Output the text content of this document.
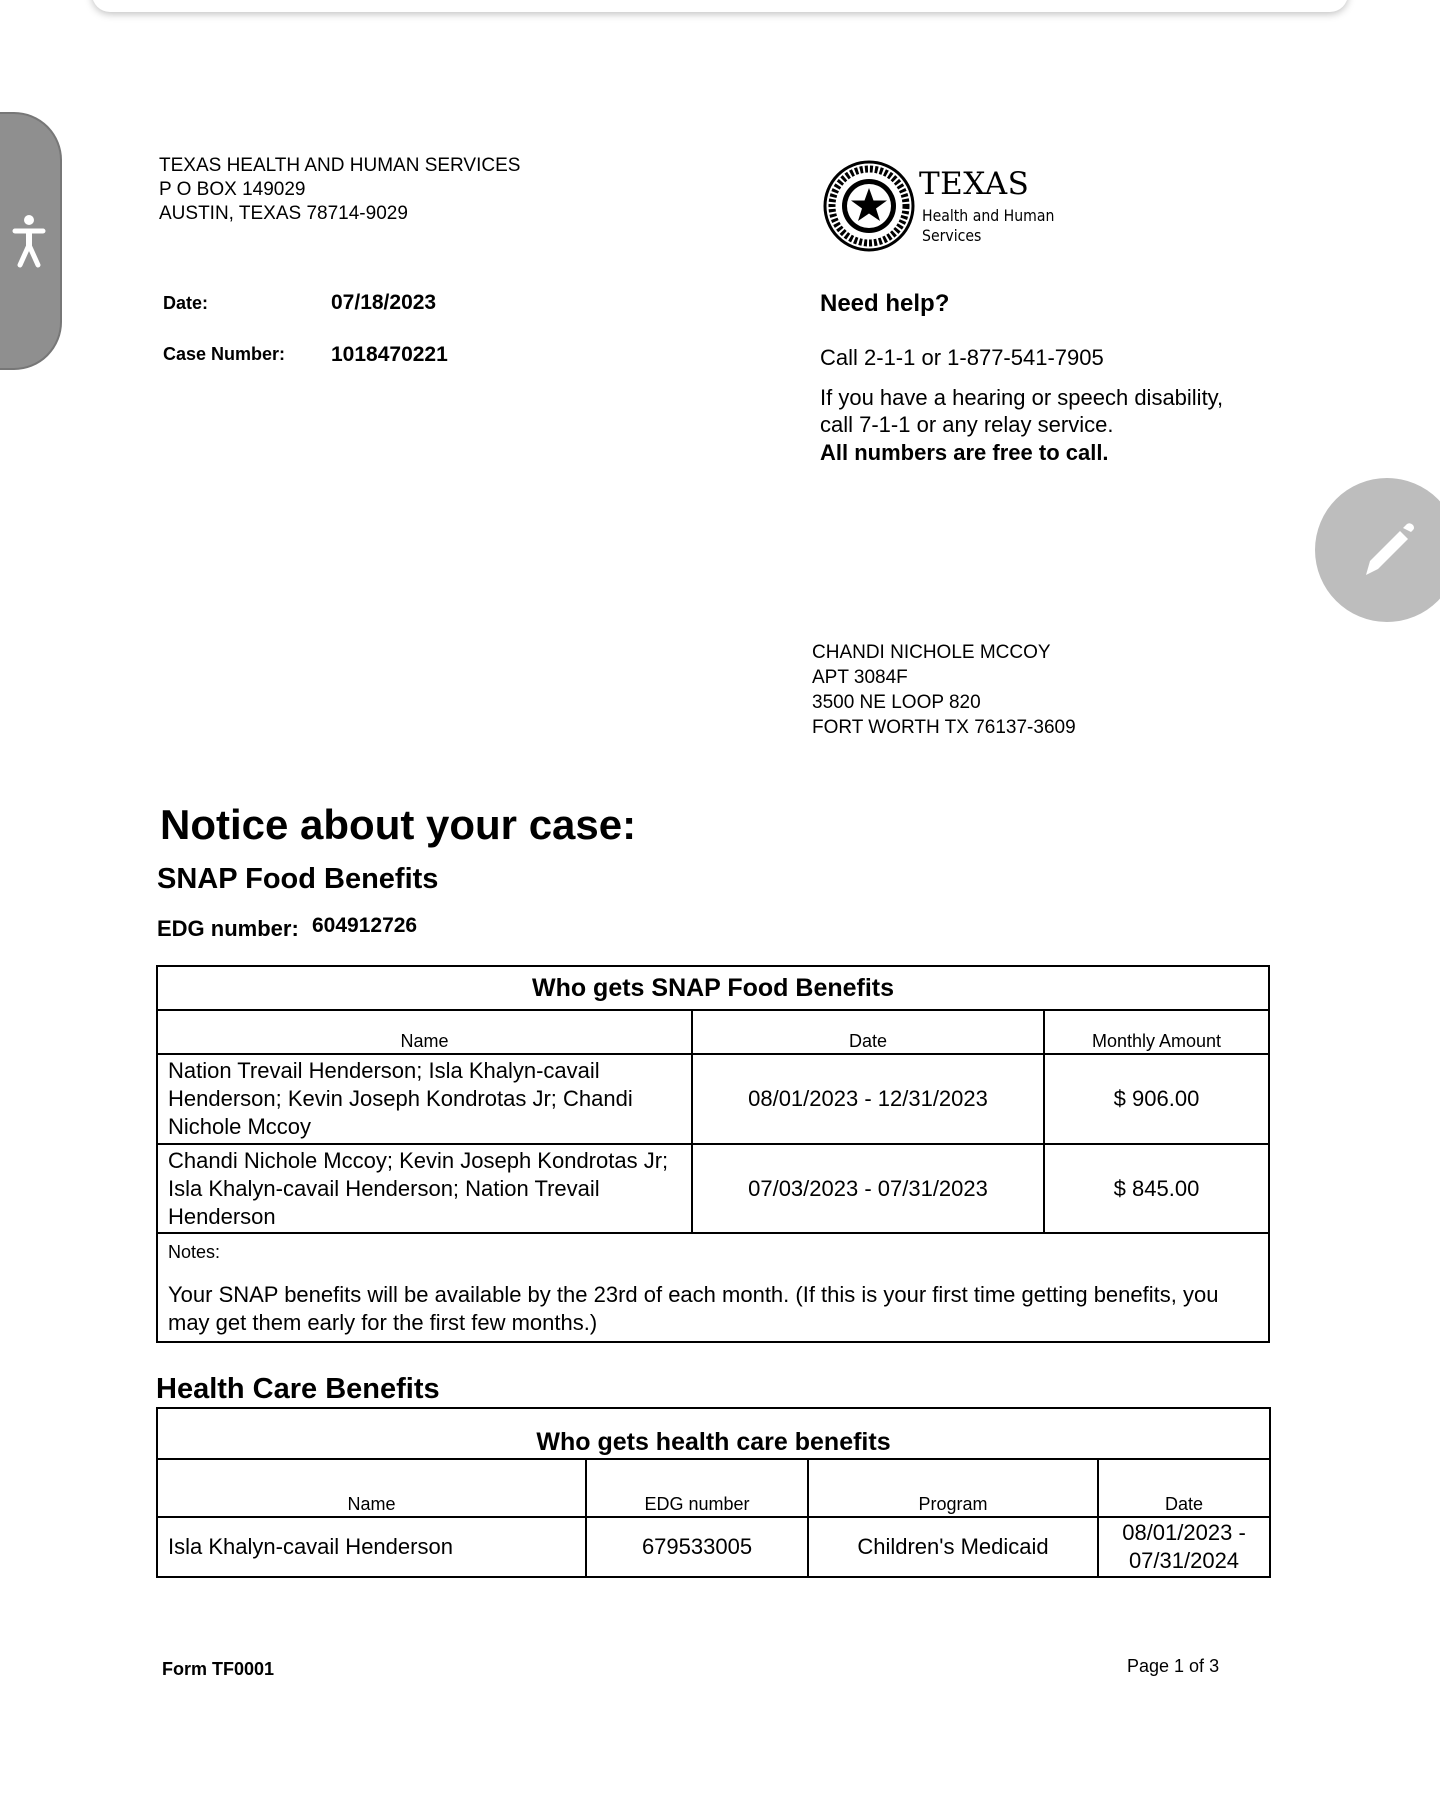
TEXAS HEALTH AND HUMAN SERVICES
P O BOX 149029
AUSTIN, TEXAS 78714-9029
Date:	07/18/2023
Case Number: 1018470221
TEXAS
Health and Human
Services
Need help?
Call 2-1-1 or 1-877-541-7905
If you have a hearing or speech disability,
call 7-1-1 or any relay service.
All numbers are free to call.
CHANDI NICHOLE MCCOY
APT 3084F
3500 NE LOOP 820
FORT WORTH TX 76137-3609
Notice about your case:
SNAP Food Benefits
EDG number: 604912726
Who gets SNAP Food Benefits		
Name	Date	Monthly Amount
Nation Trevail Henderson; Isla Khalyn-cavail Henderson; Kevin Joseph Kondrotas Jr; Chandi Nichole Mccoy	08/01/2023 - 12/31/2023	$ 906.00
Chandi Nichole Mccoy; Kevin Joseph Kondrotas Jr; Isla Khalyn-cavail Henderson; Nation Trevail Henderson	07/03/2023 - 07/31/2023	$ 845.00

Notes:
Your SNAP benefits will be available by the 23rd of each month. (If this is your first time getting benefits, you may get them early for the first few months.)		
Health Care Benefits
Who gets health care benefits			
Name	EDG number	Program	Date
Isla Khalyn-cavail Henderson	679533005	Children's Medicaid	08/01/2023 - 07/31/2024
Form TF0001	Page 1 of 3
